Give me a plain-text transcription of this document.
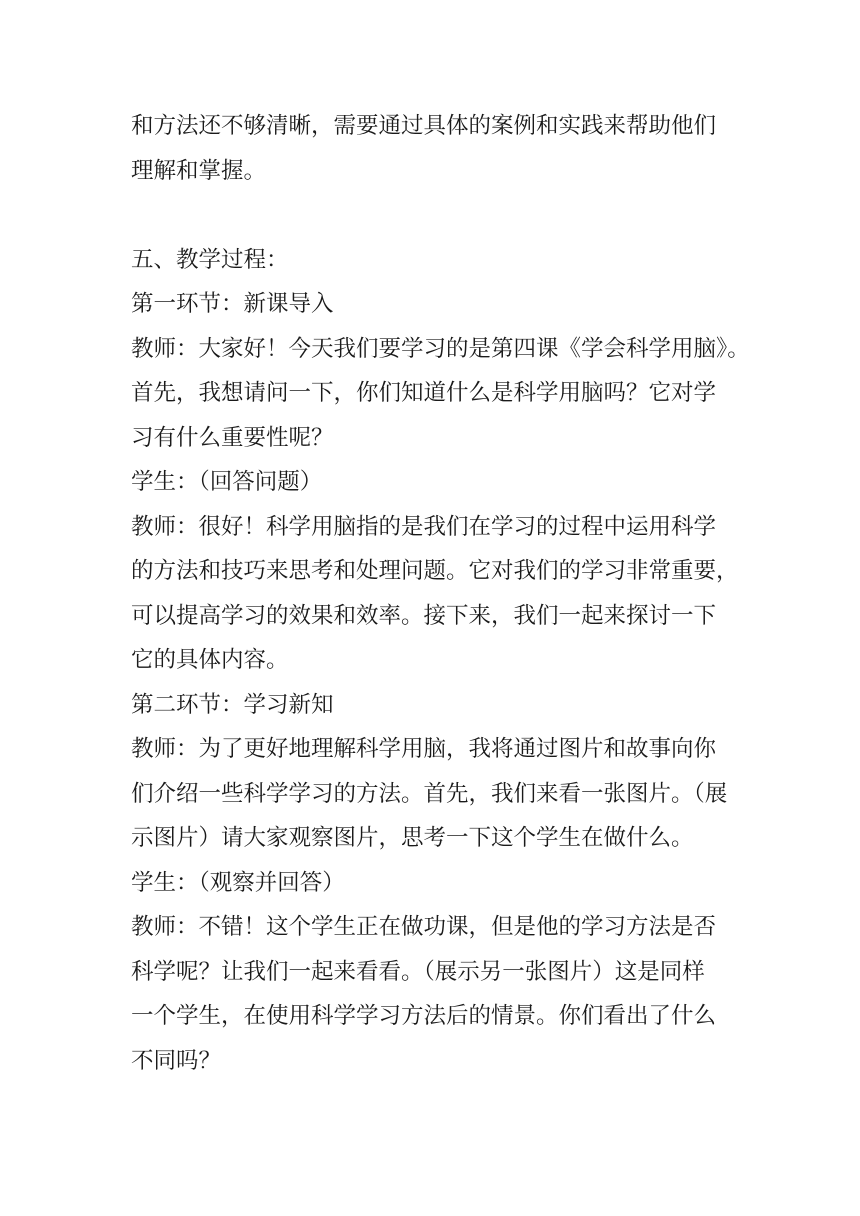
和方法还不够清晰，需要通过具体的案例和实践来帮助他们
理解和掌握。
五、教学过程：
第一环节：新课导入
教师：大家好！今天我们要学习的是第四课《学会科学用脑》。
首先，我想请问一下，你们知道什么是科学用脑吗？它对学
习有什么重要性呢？
学生：（回答问题）
教师：很好！科学用脑指的是我们在学习的过程中运用科学
的方法和技巧来思考和处理问题。它对我们的学习非常重要，
可以提高学习的效果和效率。接下来，我们一起来探讨一下
它的具体内容。
第二环节：学习新知
教师：为了更好地理解科学用脑，我将通过图片和故事向你
们介绍一些科学学习的方法。首先，我们来看一张图片。（展
示图片）请大家观察图片，思考一下这个学生在做什么。
学生：（观察并回答）
教师：不错！这个学生正在做功课，但是他的学习方法是否
科学呢？让我们一起来看看。（展示另一张图片）这是同样
一个学生，在使用科学学习方法后的情景。你们看出了什么
不同吗？
